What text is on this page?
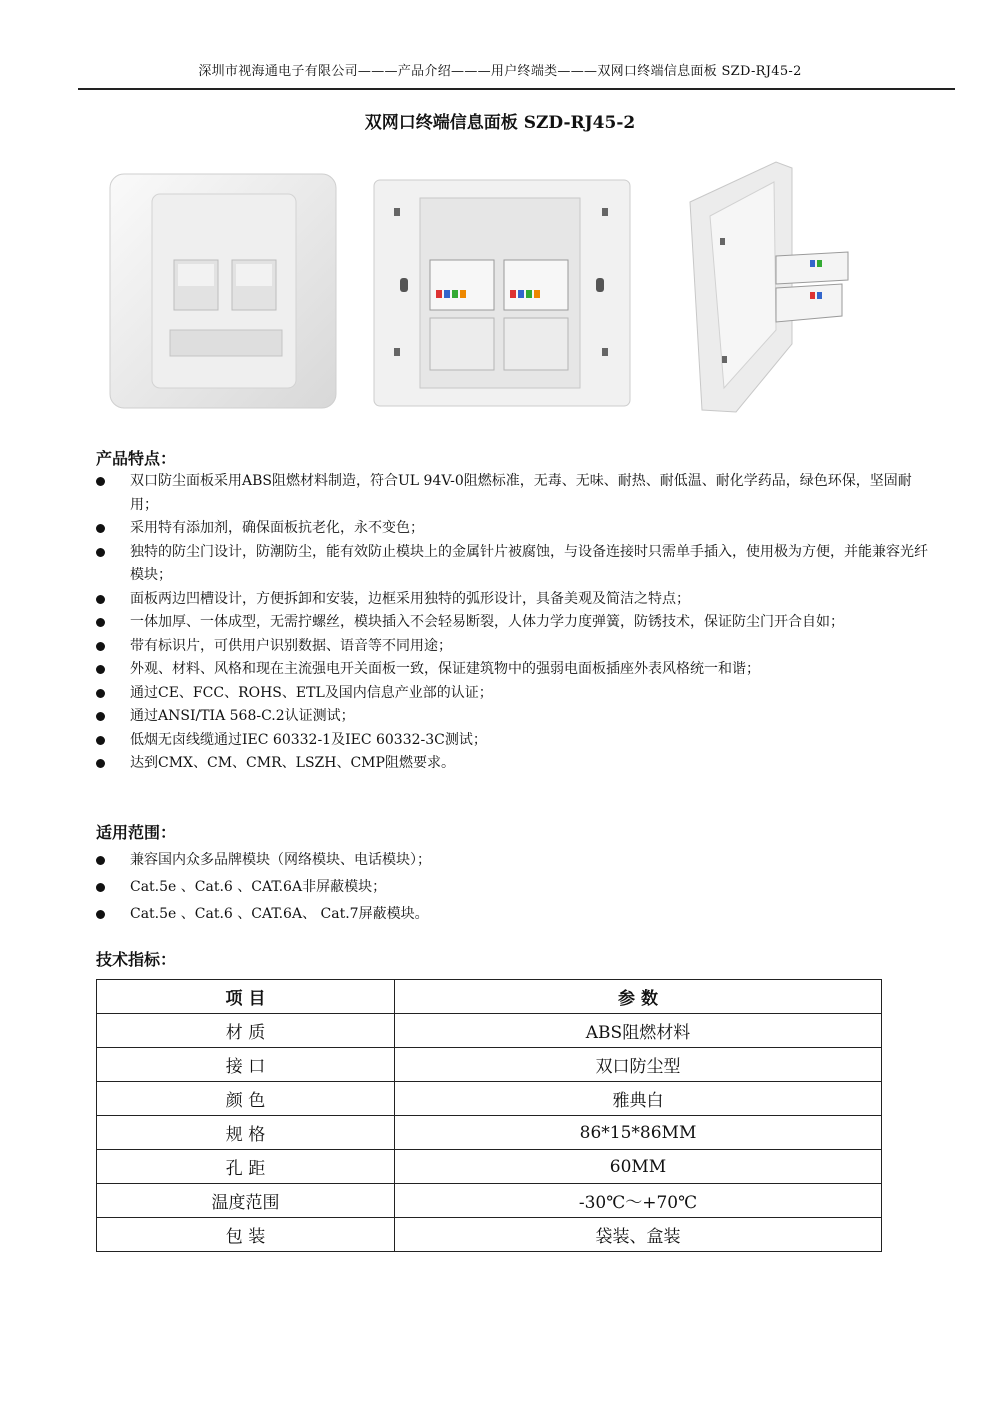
深圳市视海通电子有限公司———产品介绍———用户终端类———双网口终端信息面板 SZD-RJ45-2
双网口终端信息面板 SZD-RJ45-2
产品特点：
双口防尘面板采用ABS阻燃材料制造，符合UL 94V-0阻燃标准，无毒、无味、耐热、耐低温、耐化学药品，绿色环保，坚固耐用；
采用特有添加剂，确保面板抗老化，永不变色；
独特的防尘门设计，防潮防尘，能有效防止模块上的金属针片被腐蚀，与设备连接时只需单手插入，使用极为方便，并能兼容光纤模块；
面板两边凹槽设计，方便拆卸和安装，边框采用独特的弧形设计，具备美观及简洁之特点；
一体加厚、一体成型，无需拧螺丝，模块插入不会轻易断裂，人体力学力度弹簧，防锈技术，保证防尘门开合自如；
带有标识片，可供用户识别数据、语音等不同用途；
外观、材料、风格和现在主流强电开关面板一致，保证建筑物中的强弱电面板插座外表风格统一和谐；
通过CE、FCC、ROHS、ETL及国内信息产业部的认证；
通过ANSI/TIA 568-C.2认证测试；
低烟无卤线缆通过IEC 60332-1及IEC 60332-3C测试；
达到CMX、CM、CMR、LSZH、CMP阻燃要求。
适用范围：
兼容国内众多品牌模块（网络模块、电话模块）；
Cat.5e 、Cat.6 、CAT.6A非屏蔽模块；
Cat.5e 、Cat.6 、CAT.6A、 Cat.7屏蔽模块。
技术指标：
项 目	参 数
材 质	ABS阻燃材料
接 口	双口防尘型
颜 色	雅典白
规 格	86*15*86MM
孔 距	60MM
温度范围	-30℃～+70℃
包 装	袋装、盒装
